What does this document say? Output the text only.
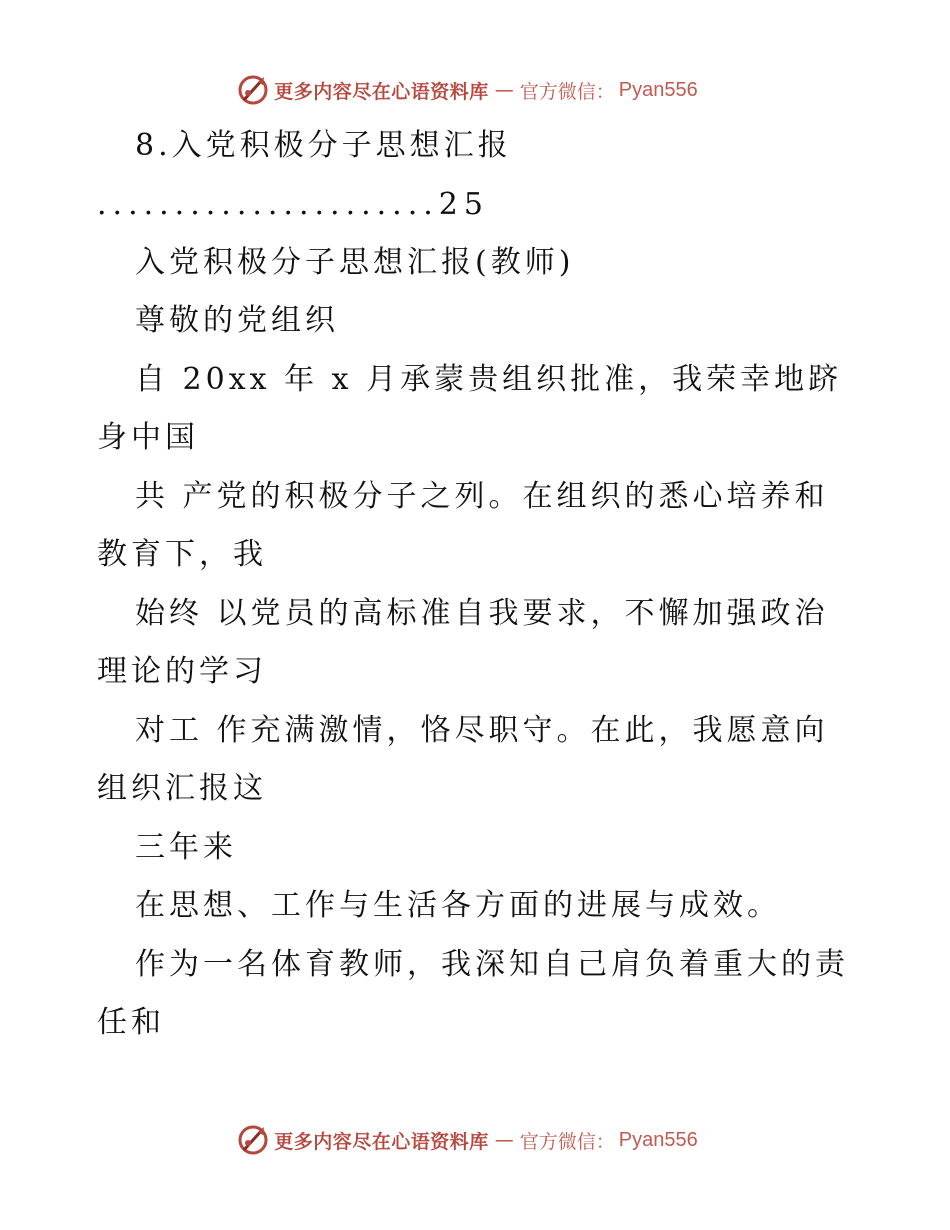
更多内容尽在心语资料库 — 官方微信： Pyan556
8.入党积极分子思想汇报
......................25
入党积极分子思想汇报(教师)
尊敬的党组织
自 20xx 年 x 月承蒙贵组织批准，我荣幸地跻
身中国
共 产党的积极分子之列。在组织的悉心培养和
教育下，我
始终 以党员的高标准自我要求，不懈加强政治
理论的学习
对工 作充满激情，恪尽职守。在此，我愿意向
组织汇报这
三年来
在思想、工作与生活各方面的进展与成效。
作为一名体育教师，我深知自己肩负着重大的责
任和
更多内容尽在心语资料库 — 官方微信： Pyan556
